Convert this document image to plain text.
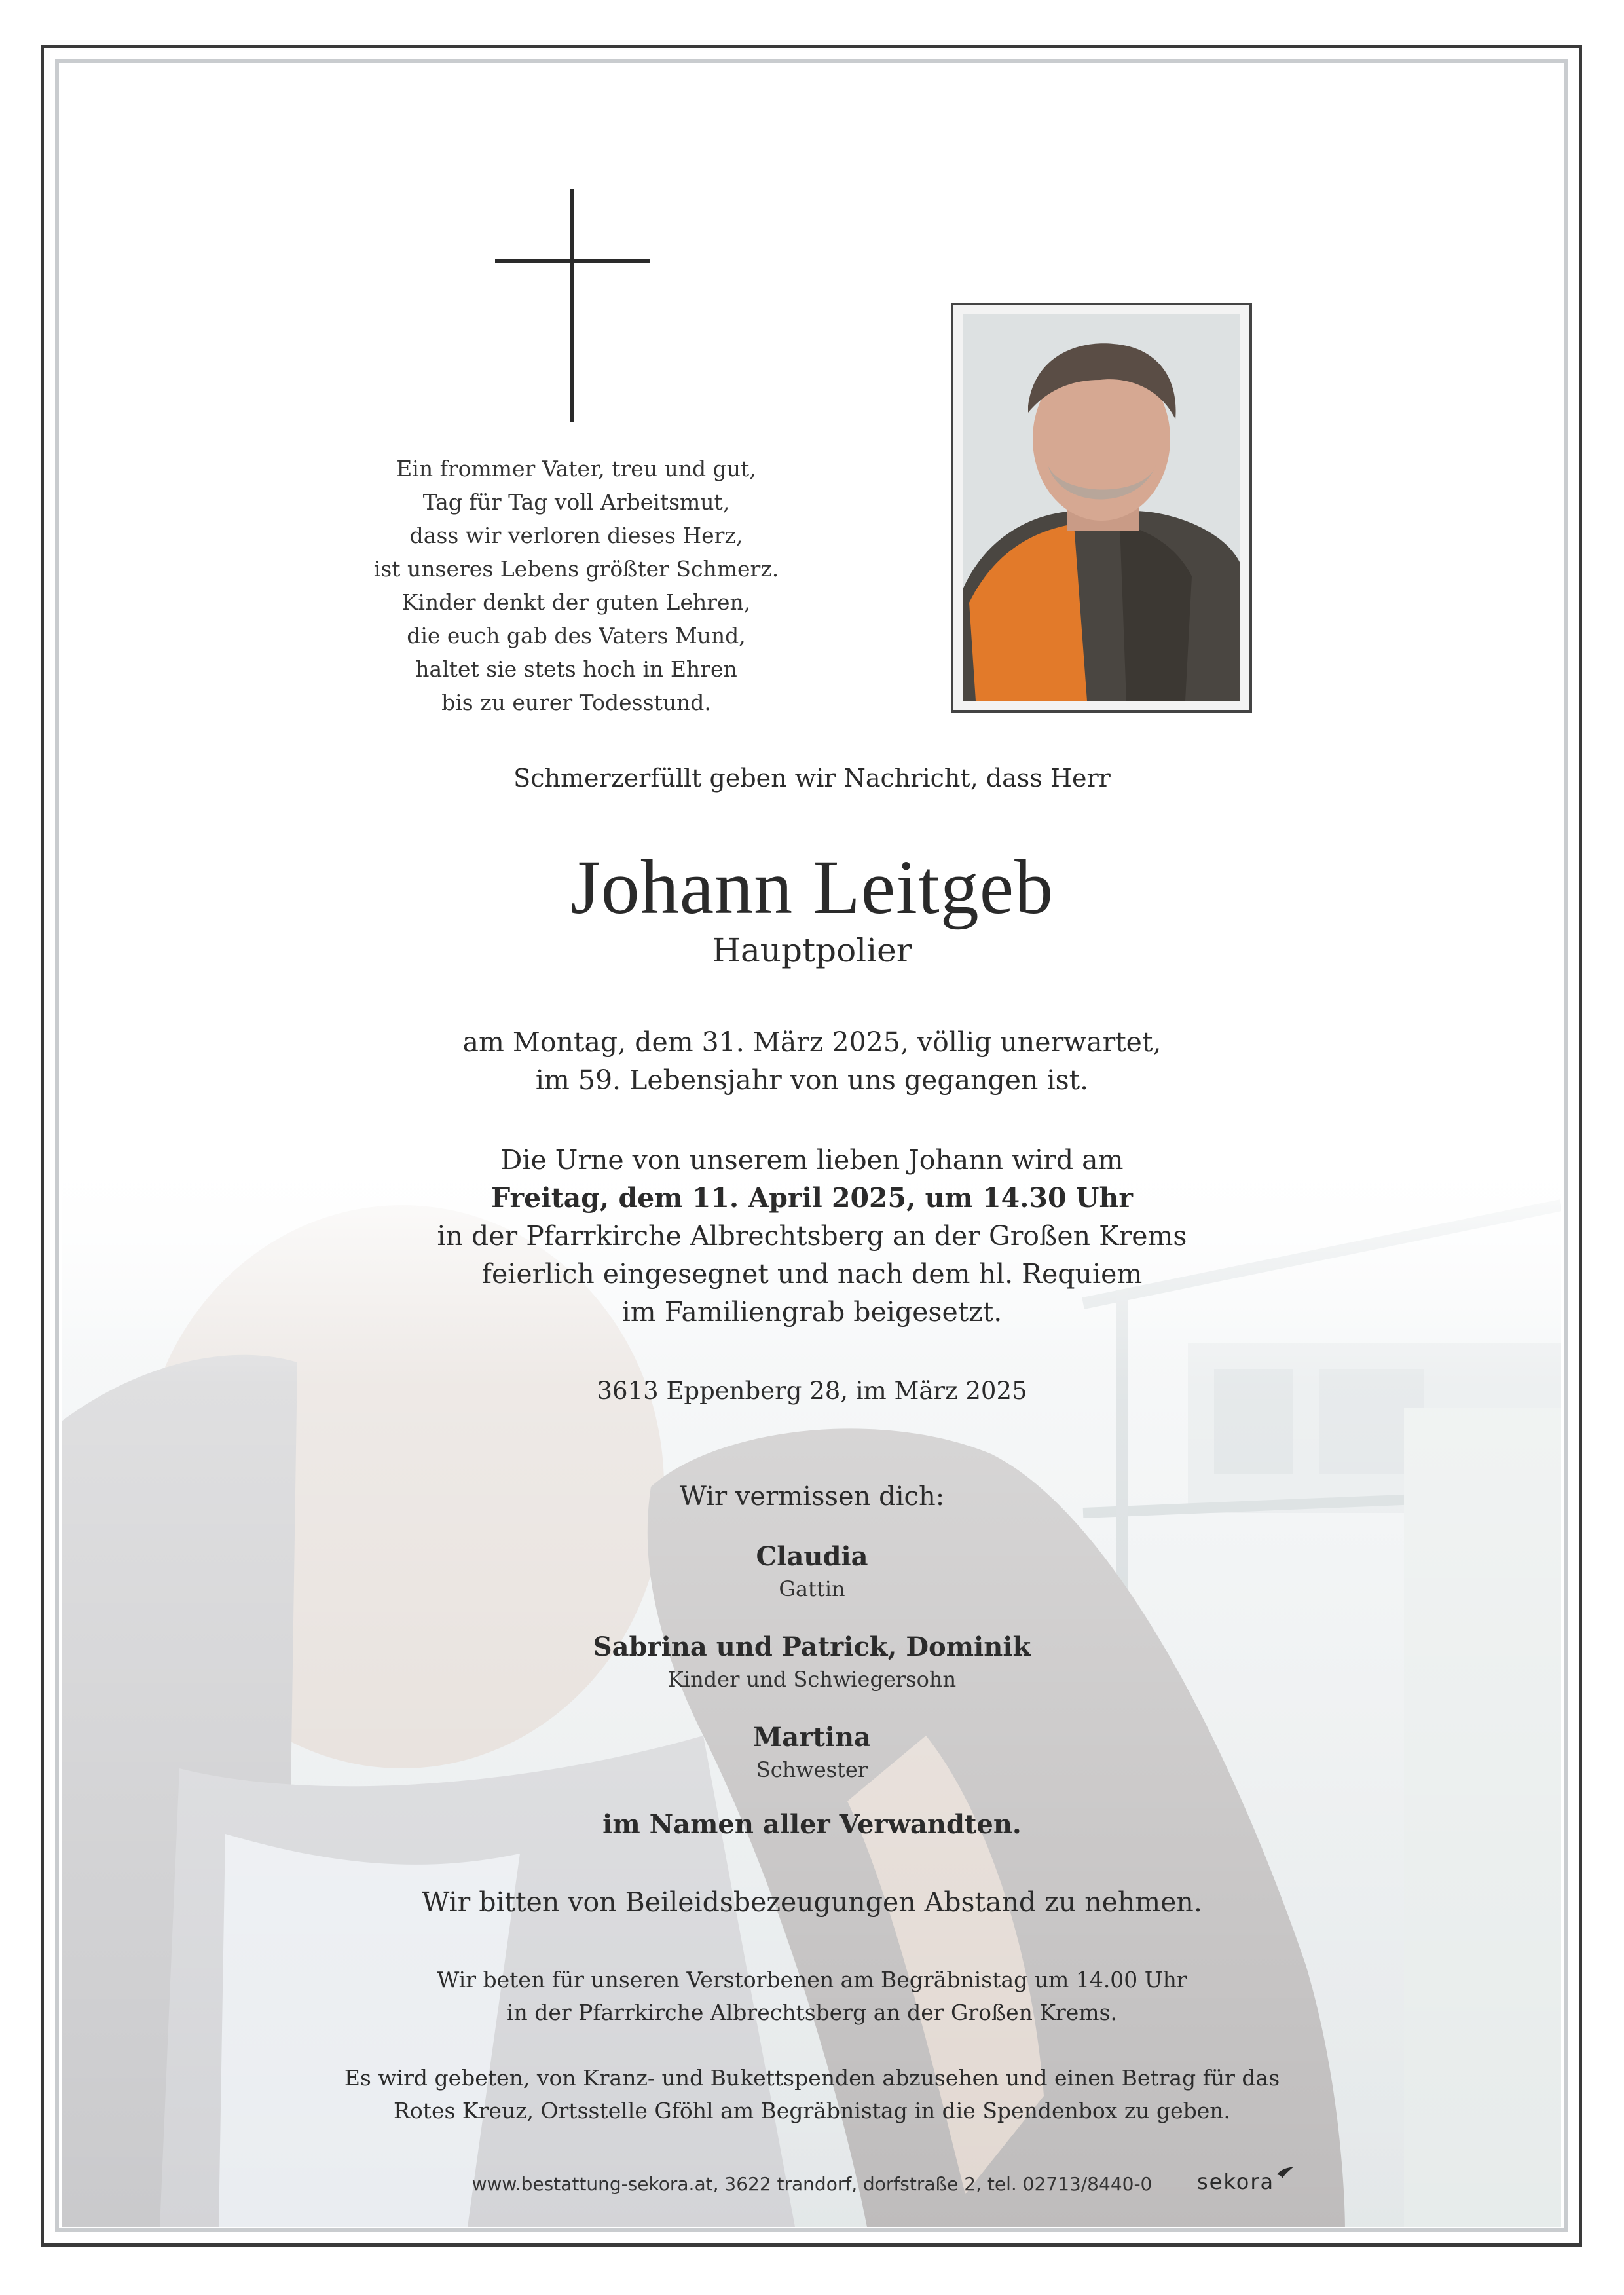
Ein frommer Vater, treu und gut,
Tag für Tag voll Arbeitsmut,
dass wir verloren dieses Herz,
ist unseres Lebens größter Schmerz.
Kinder denkt der guten Lehren,
die euch gab des Vaters Mund,
haltet sie stets hoch in Ehren
bis zu eurer Todesstund.
Schmerzerfüllt geben wir Nachricht, dass Herr
Johann Leitgeb
Hauptpolier
am Montag, dem 31. März 2025, völlig unerwartet,
im 59. Lebensjahr von uns gegangen ist.
Die Urne von unserem lieben Johann wird am
Freitag, dem 11. April 2025, um 14.30 Uhr
in der Pfarrkirche Albrechtsberg an der Großen Krems
feierlich eingesegnet und nach dem hl. Requiem
im Familiengrab beigesetzt.
3613 Eppenberg 28, im März 2025
Wir vermissen dich:
Claudia
Gattin
Sabrina und Patrick, Dominik
Kinder und Schwiegersohn
Martina
Schwester
im Namen aller Verwandten.
Wir bitten von Beileidsbezeugungen Abstand zu nehmen.
Wir beten für unseren Verstorbenen am Begräbnistag um 14.00 Uhr
in der Pfarrkirche Albrechtsberg an der Großen Krems.
Es wird gebeten, von Kranz- und Bukettspenden abzusehen und einen Betrag für das
Rotes Kreuz, Ortsstelle Gföhl am Begräbnistag in die Spendenbox zu geben.
www.bestattung-sekora.at, 3622 trandorf, dorfstraße 2, tel. 02713/8440-0	sekora
